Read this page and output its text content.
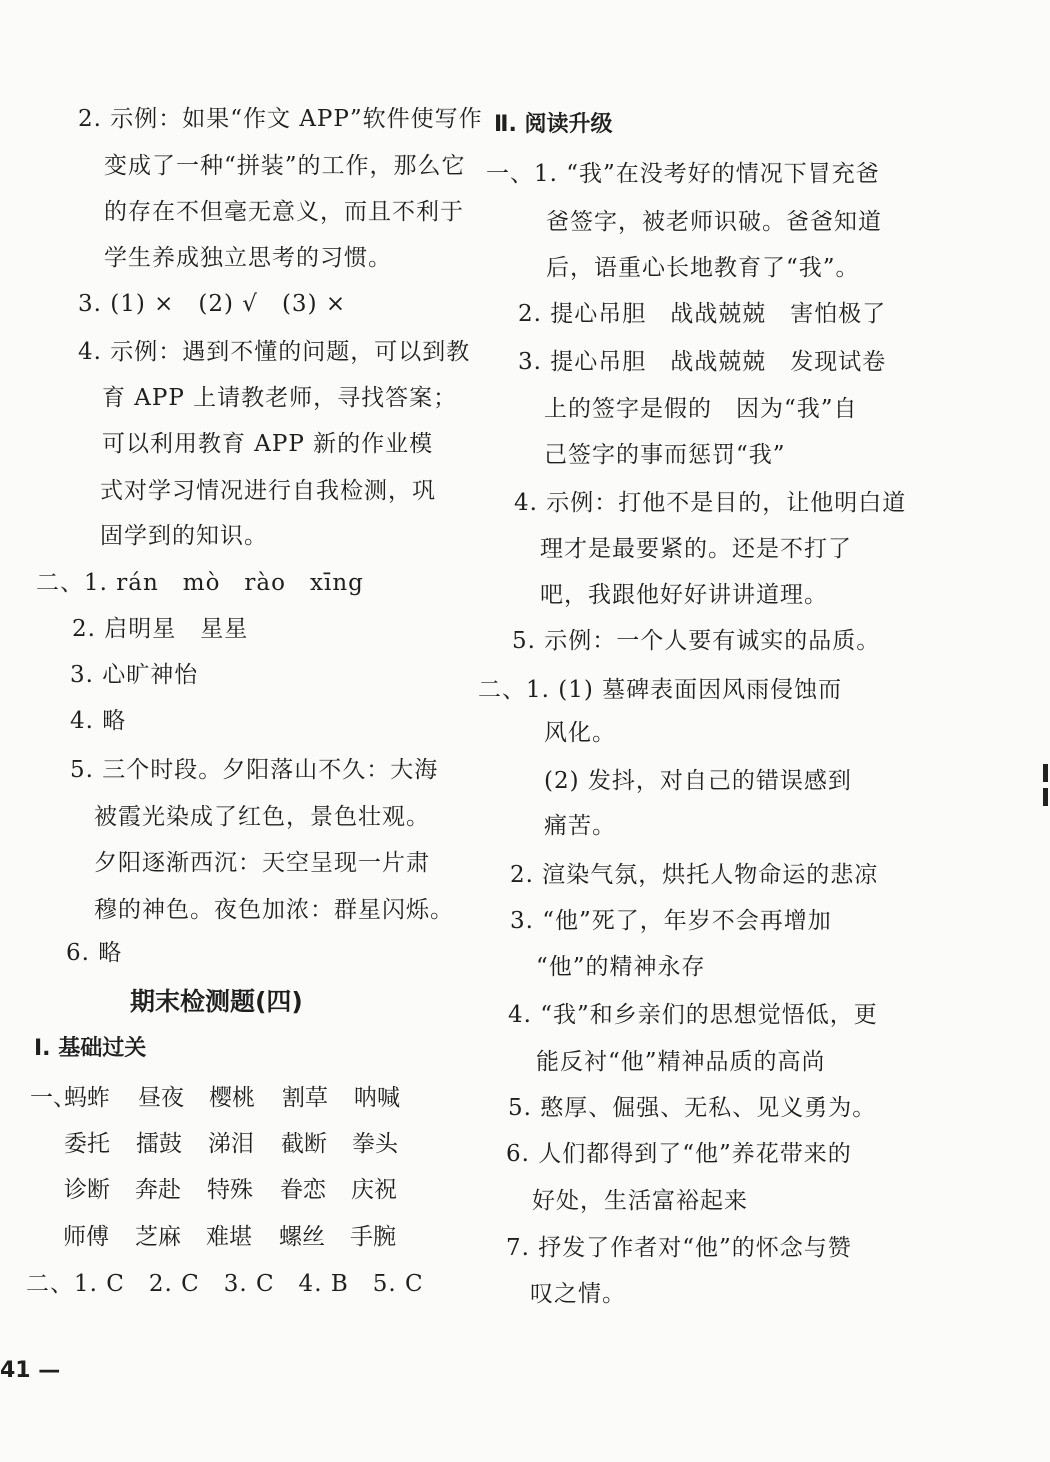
2. 示例：如果“作文 APP”软件使写作
变成了一种“拼装”的工作，那么它
的存在不但毫无意义，而且不利于
学生养成独立思考的习惯。
3. (1) ×　(2) √　(3) ×
4. 示例：遇到不懂的问题，可以到教
育 APP 上请教老师，寻找答案；
可以利用教育 APP 新的作业模
式对学习情况进行自我检测，巩
固学到的知识。
二、1. rán　mò　rào　xīng
2. 启明星　星星
3. 心旷神怡
4. 略
5. 三个时段。夕阳落山不久：大海
被霞光染成了红色，景色壮观。
夕阳逐渐西沉：天空呈现一片肃
穆的神色。夜色加浓：群星闪烁。
6. 略
期末检测题(四)
Ⅰ. 基础过关
一、
蚂蚱 昼夜 樱桃 割草 呐喊
委托 擂鼓 涕泪 截断 拳头
诊断 奔赴 特殊 眷恋 庆祝
师傅 芝麻 难堪 螺丝 手腕
二、1. C　2. C　3. C　4. B　5. C
41 —
Ⅱ. 阅读升级
一、1. “我”在没考好的情况下冒充爸
爸签字，被老师识破。爸爸知道
后，语重心长地教育了“我”。
2. 提心吊胆　战战兢兢　害怕极了
3. 提心吊胆　战战兢兢　发现试卷
上的签字是假的　因为“我”自
己签字的事而惩罚“我”
4. 示例：打他不是目的，让他明白道
理才是最要紧的。还是不打了
吧，我跟他好好讲讲道理。
5. 示例：一个人要有诚实的品质。
二、1. (1) 墓碑表面因风雨侵蚀而
风化。
(2) 发抖，对自己的错误感到
痛苦。
2. 渲染气氛，烘托人物命运的悲凉
3. “他”死了，年岁不会再增加
“他”的精神永存
4. “我”和乡亲们的思想觉悟低，更
能反衬“他”精神品质的高尚
5. 憨厚、倔强、无私、见义勇为。
6. 人们都得到了“他”养花带来的
好处，生活富裕起来
7. 抒发了作者对“他”的怀念与赞
叹之情。
